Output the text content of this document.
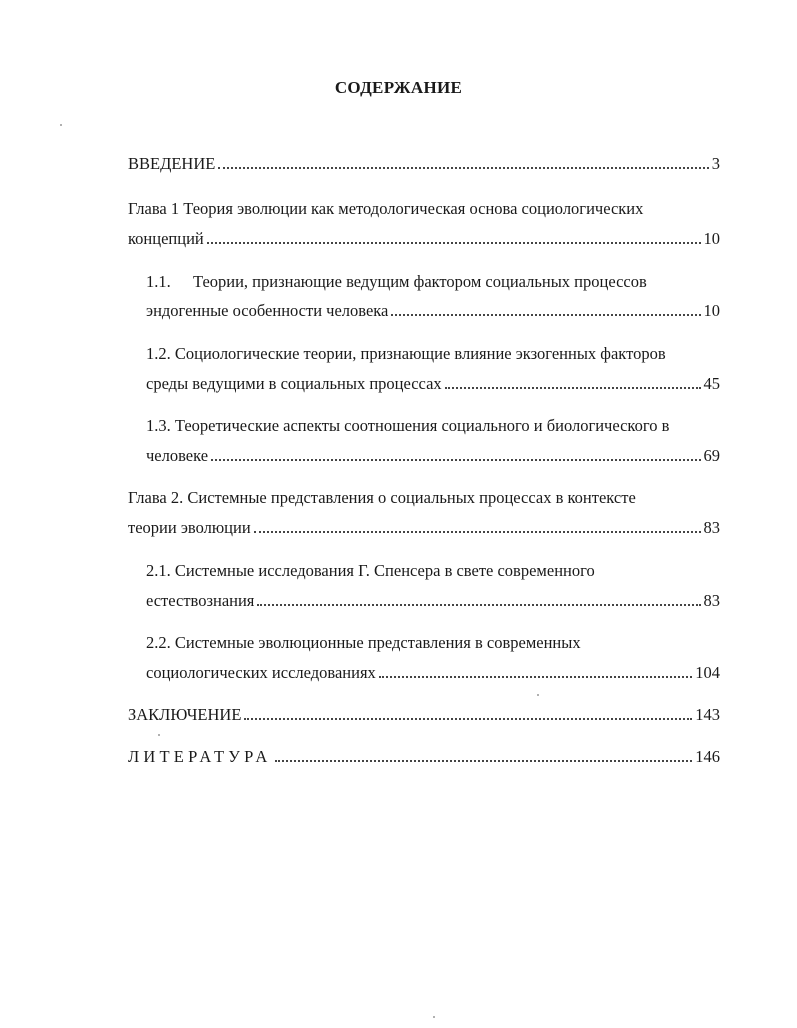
СОДЕРЖАНИЕ
ВВЕДЕНИЕ	3
Глава 1 Теория эволюции как методологическая основа социологических
концепций	10
1.1. Теории, признающие ведущим фактором социальных процессов
эндогенные особенности человека	10
1.2. Социологические теории, признающие влияние экзогенных факторов
среды ведущими в социальных процессах	45
1.3. Теоретические аспекты соотношения социального и биологического в
человеке	69
Глава 2. Системные представления о социальных процессах в контексте
теории эволюции	83
2.1. Системные исследования Г. Спенсера в свете современного
естествознания	83
2.2. Системные эволюционные представления в современных
социологических исследованиях	104
ЗАКЛЮЧЕНИЕ	143
ЛИТЕРАТУРА	146
